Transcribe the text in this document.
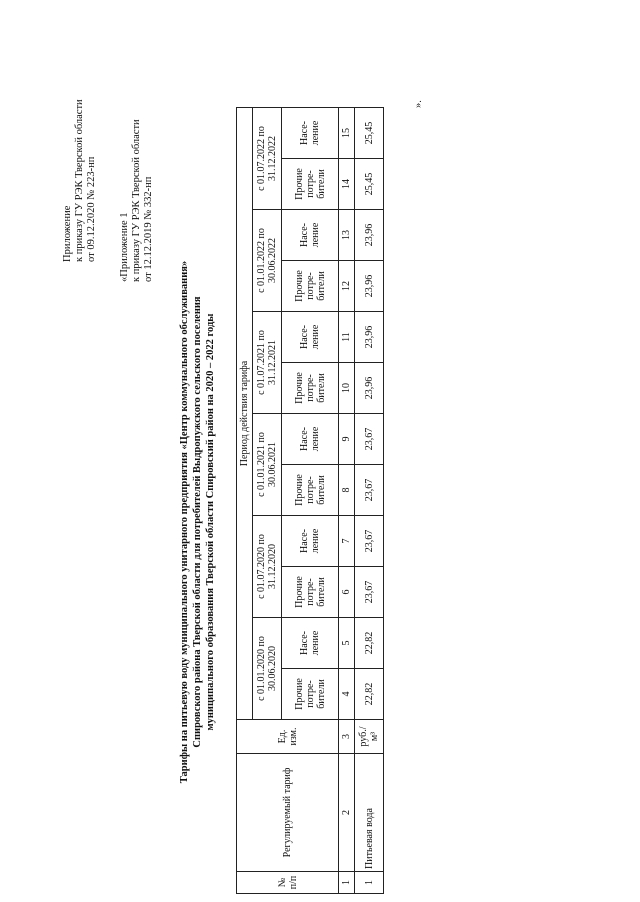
Приложение к приказу ГУ РЭК Тверской области от 09.12.2020 № 223-нп «Приложение 1 к приказу ГУ РЭК Тверской области от 12.12.2019 № 332-нп
Тарифы на питьевую воду муниципального унитарного предприятия «Центр коммунального обслуживания» Спировского района Тверской области для потребителей Выдропужского сельского поселения муниципального образования Тверской области Спировский район на 2020 – 2022 годы
№ п/п	Регулируемый тариф	Ед. изм.	Период действия тарифа											
			с 01.01.2020 по 30.06.2020		с 01.07.2020 по 31.12.2020		с 01.01.2021 по 30.06.2021		с 01.07.2021 по 31.12.2021		с 01.01.2022 по 30.06.2022		с 01.07.2022 по 31.12.2022	
			Прочие потре-бители	Насе-ление	Прочие потре-бители	Насе-ление	Прочие потре-бители	Насе-ление	Прочие потре-бители	Насе-ление	Прочие потре-бители	Насе-ление	Прочие потре-бители	Насе-ление
1	2	3	4	5	6	7	8	9	10	11	12	13	14	15
1	Питьевая вода	руб./м³	22,82	22,82	23,67	23,67	23,67	23,67	23,96	23,96	23,96	23,96	25,45	25,45
».
